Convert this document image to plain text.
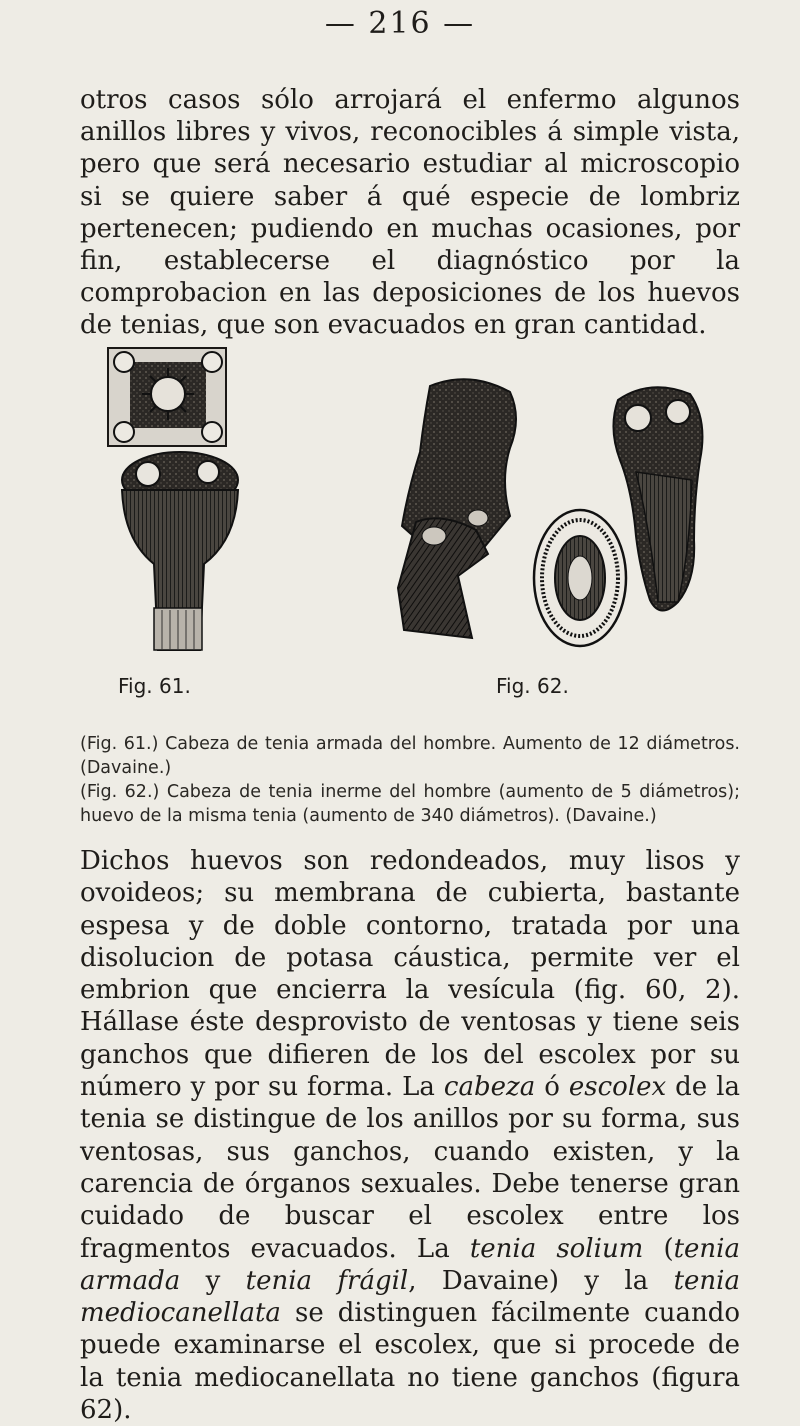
— 216 —

otros casos sólo arrojará el enfermo algunos anillos libres y vivos, reconocibles á simple vista, pero que será necesario estudiar al microscopio si se quiere saber á qué especie de lombriz pertenecen; pudiendo en muchas ocasiones, por fin, establecerse el diagnóstico por la comprobacion en las deposiciones de los huevos de tenias, que son evacuados en gran cantidad.

Fig. 61.	Fig. 62.

(Fig. 61.) Cabeza de tenia armada del hombre. Aumento de 12 diámetros. (Davaine.)

(Fig. 62.) Cabeza de tenia inerme del hombre (aumento de 5 diámetros); huevo de la misma tenia (aumento de 340 diámetros). (Davaine.)

Dichos huevos son redondeados, muy lisos y ovoideos; su membrana de cubierta, bastante espesa y de doble contorno, tratada por una disolucion de potasa cáustica, permite ver el embrion que encierra la vesícula (fig. 60, 2). Hállase éste desprovisto de ventosas y tiene seis ganchos que difieren de los del escolex por su número y por su forma. La cabeza ó escolex de la tenia se distingue de los anillos por su forma, sus ventosas, sus ganchos, cuando existen, y la carencia de órganos sexuales. Debe tenerse gran cuidado de buscar el escolex entre los fragmentos evacuados. La tenia solium (tenia armada y tenia frágil, Davaine) y la tenia mediocanellata se distinguen fácilmente cuando puede examinarse el escolex, que si procede de la tenia mediocanellata no tiene ganchos (figura 62).
